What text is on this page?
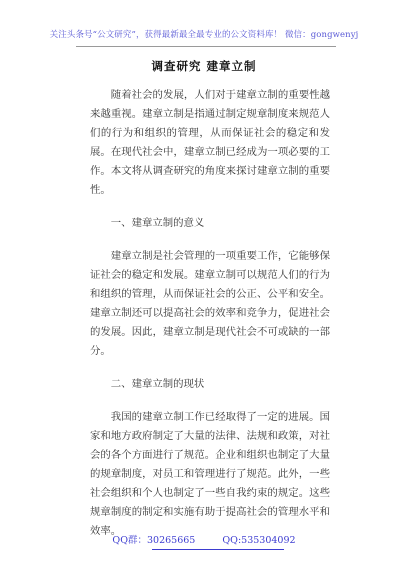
关注头条号“公文研究”，获得最新最全最专业的公文资料库！ 微信：gongwenyj
调查研究 建章立制

随着社会的发展，人们对于建章立制的重要性越来越重视。建章立制是指通过制定规章制度来规范人们的行为和组织的管理，从而保证社会的稳定和发展。在现代社会中，建章立制已经成为一项必要的工作。本文将从调查研究的角度来探讨建章立制的重要性。

一、建章立制的意义

建章立制是社会管理的一项重要工作，它能够保证社会的稳定和发展。建章立制可以规范人们的行为和组织的管理，从而保证社会的公正、公平和安全。建章立制还可以提高社会的效率和竞争力，促进社会的发展。因此，建章立制是现代社会不可或缺的一部分。

二、建章立制的现状

我国的建章立制工作已经取得了一定的进展。国家和地方政府制定了大量的法律、法规和政策，对社会的各个方面进行了规范。企业和组织也制定了大量的规章制度，对员工和管理进行了规范。此外，一些社会组织和个人也制定了一些自我约束的规定。这些规章制度的制定和实施有助于提高社会的管理水平和效率。

QQ群：30265665	QQ:535304092
